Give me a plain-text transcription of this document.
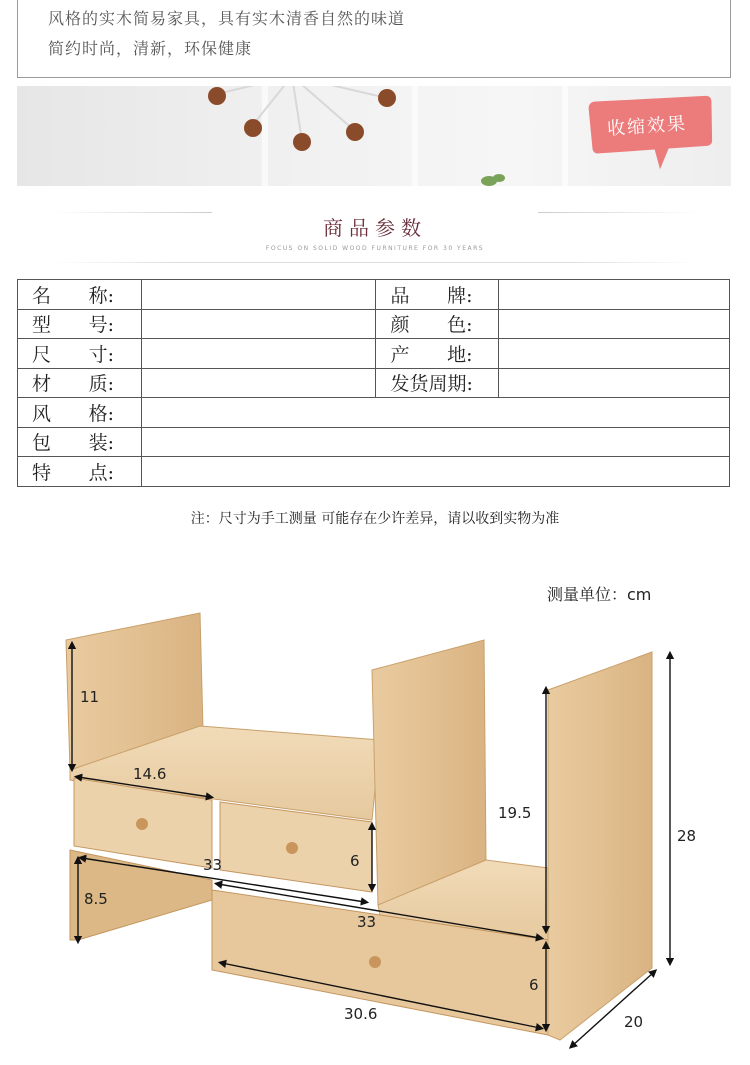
风格的实木简易家具，具有实木清香自然的味道
简约时尚，清新，环保健康
收缩效果
商品参数
FOCUS ON SOLID WOOD FURNITURE FOR 30 YEARS
名 称:		品 牌:	

型 号:		颜 色:	

尺 寸:		产 地:	

材 质:		发货周期:	

风 格:			

包 装:			

特 点:			

注：尺寸为手工测量 可能存在少许差异，请以收到实物为准
测量单位：cm
11
14.6
8.5
33	6
33
19.5
28
30.6
6
20
